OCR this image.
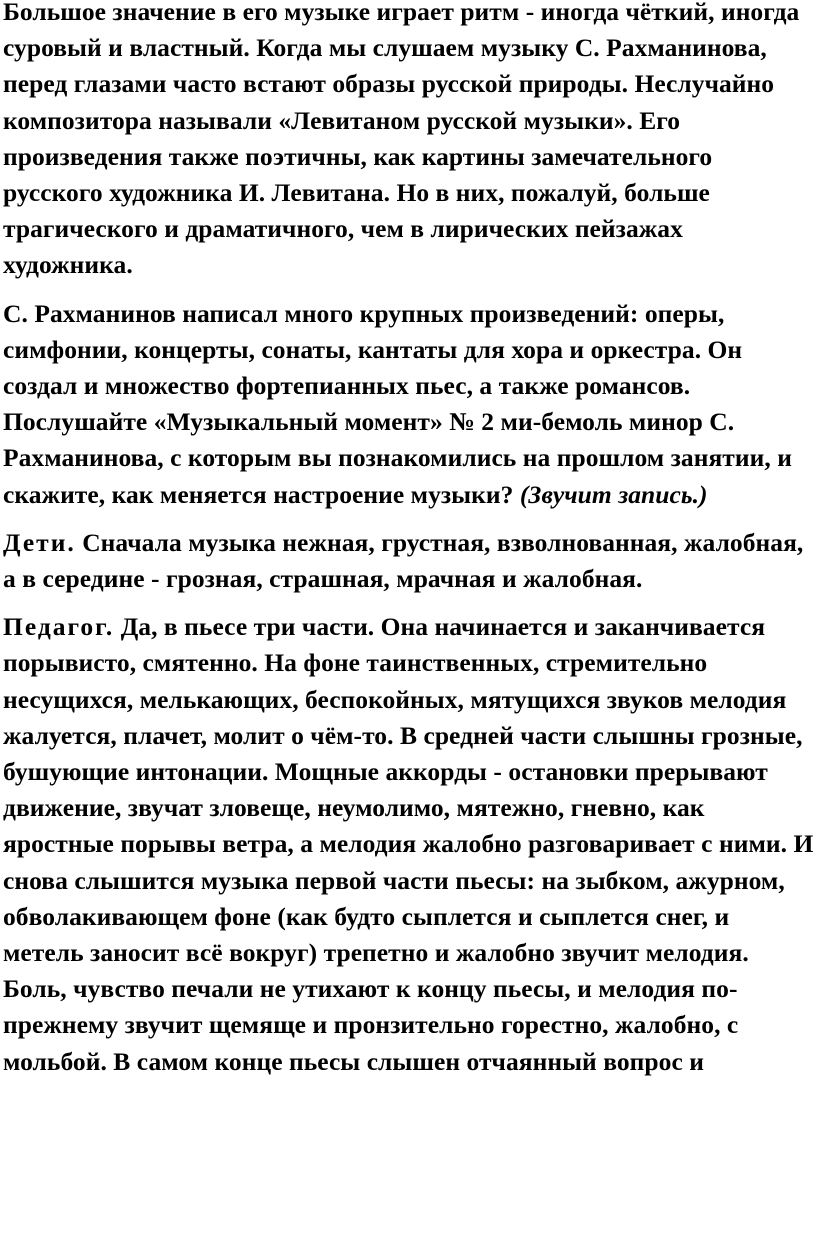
Большое значение в его музыке играет ритм - иногда чёткий, иногда суровый и властный. Когда мы слушаем музыку С. Рахманинова, перед глазами часто встают образы русской природы. Неслучайно композитора называли «Левитаном русской музыки». Его произведения также поэтичны, как картины замечательного русского художника И. Левитана. Но в них, пожалуй, больше трагического и драматичного, чем в лирических пейзажах художника.

С. Рахманинов написал много крупных произведений: оперы, симфонии, концерты, сонаты, кантаты для хора и оркестра. Он создал и множество фортепианных пьес, а также романсов. Послушайте «Музыкальный момент» № 2 ми-бемоль минор С. Рахманинова, с которым вы познакомились на прошлом занятии, и скажите, как меняется настроение музыки? (Звучит запись.)

Дети. Сначала музыка нежная, грустная, взволнованная, жалобная, а в середине - грозная, страшная, мрачная и жалобная.

Педагог. Да, в пьесе три части. Она начинается и заканчивается порывисто, смятенно. На фоне таинственных, стремительно несущихся, мелькающих, беспокойных, мятущихся звуков мелодия жалуется, плачет, молит о чём-то. В средней части слышны грозные, бушующие интонации. Мощные аккорды - остановки прерывают движение, звучат зловеще, неумолимо, мятежно, гневно, как яростные порывы ветра, а мелодия жалобно разговаривает с ними. И снова слышится музыка первой части пьесы: на зыбком, ажурном, обволакивающем фоне (как будто сыплется и сыплется снег, и метель заносит всё вокруг) трепетно и жалобно звучит мелодия. Боль, чувство печали не утихают к концу пьесы, и мелодия по-прежнему звучит щемяще и пронзительно горестно, жалобно, с мольбой. В самом конце пьесы слышен отчаянный вопрос и
